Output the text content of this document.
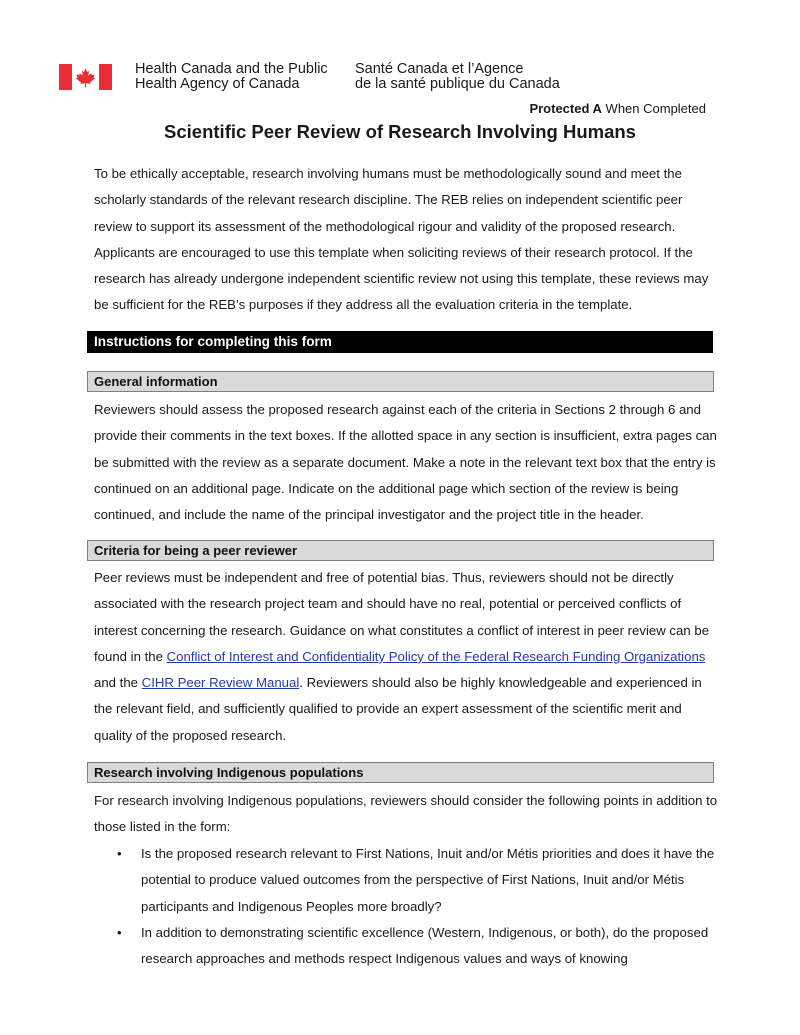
Health Canada and the Public
Health Agency of Canada
Santé Canada et l’Agence
de la santé publique du Canada
Protected A When Completed
Scientific Peer Review of Research Involving Humans
To be ethically acceptable, research involving humans must be methodologically sound and meet the scholarly standards of the relevant research discipline. The REB relies on independent scientific peer review to support its assessment of the methodological rigour and validity of the proposed research. Applicants are encouraged to use this template when soliciting reviews of their research protocol. If the research has already undergone independent scientific review not using this template, these reviews may be sufficient for the REB’s purposes if they address all the evaluation criteria in the template.
Instructions for completing this form
General information
Reviewers should assess the proposed research against each of the criteria in Sections 2 through 6 and provide their comments in the text boxes. If the allotted space in any section is insufficient, extra pages can be submitted with the review as a separate document. Make a note in the relevant text box that the entry is continued on an additional page. Indicate on the additional page which section of the review is being continued, and include the name of the principal investigator and the project title in the header.
Criteria for being a peer reviewer
Peer reviews must be independent and free of potential bias. Thus, reviewers should not be directly associated with the research project team and should have no real, potential or perceived conflicts of interest concerning the research. Guidance on what constitutes a conflict of interest in peer review can be found in the Conflict of Interest and Confidentiality Policy of the Federal Research Funding Organizations and the CIHR Peer Review Manual. Reviewers should also be highly knowledgeable and experienced in the relevant field, and sufficiently qualified to provide an expert assessment of the scientific merit and quality of the proposed research.
Research involving Indigenous populations
For research involving Indigenous populations, reviewers should consider the following points in addition to those listed in the form:
• Is the proposed research relevant to First Nations, Inuit and/or Métis priorities and does it have the potential to produce valued outcomes from the perspective of First Nations, Inuit and/or Métis participants and Indigenous Peoples more broadly?
• In addition to demonstrating scientific excellence (Western, Indigenous, or both), do the proposed research approaches and methods respect Indigenous values and ways of knowing
